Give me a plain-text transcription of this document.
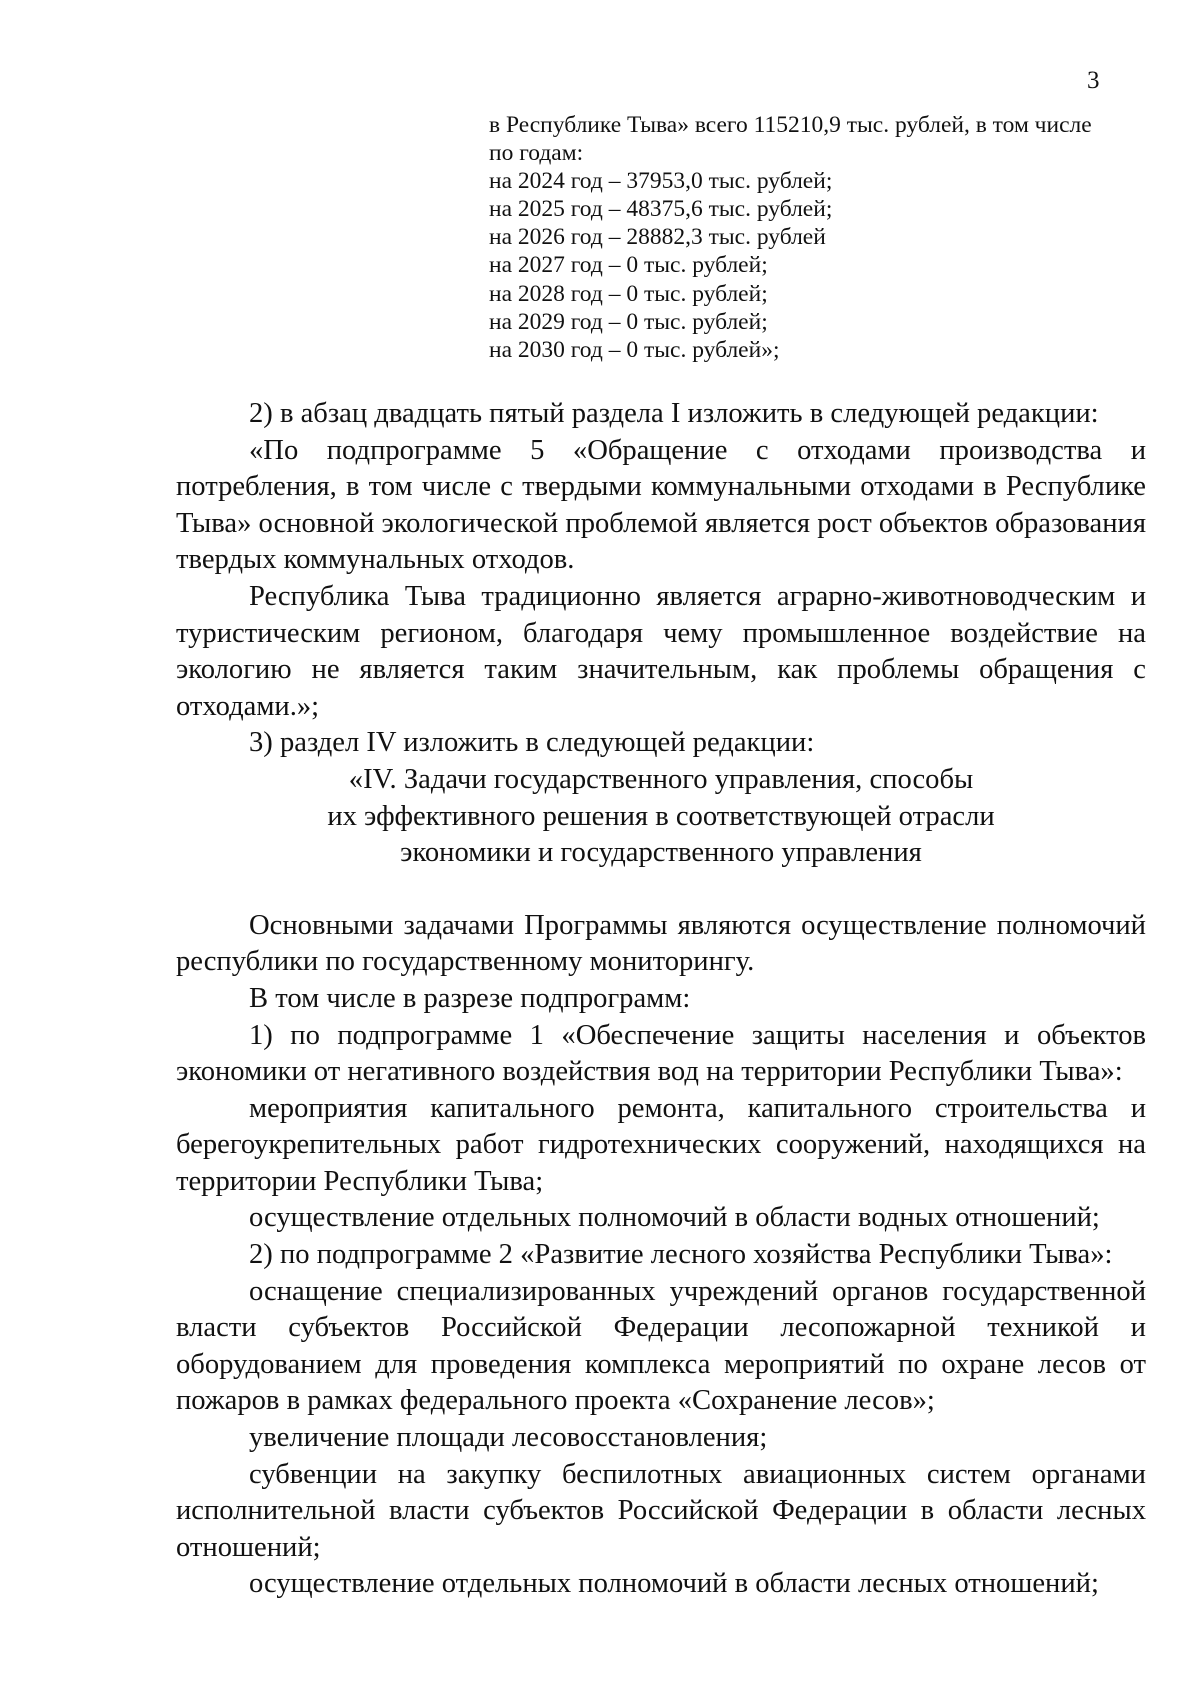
3
в Республике Тыва» всего 115210,9 тыс. рублей, в том числе
по годам:
на 2024 год – 37953,0 тыс. рублей;
на 2025 год – 48375,6 тыс. рублей;
на 2026 год – 28882,3 тыс. рублей
на 2027 год – 0 тыс. рублей;
на 2028 год – 0 тыс. рублей;
на 2029 год – 0 тыс. рублей;
на 2030 год – 0 тыс. рублей»;

2) в абзац двадцать пятый раздела I изложить в следующей редакции:

«По подпрограмме 5 «Обращение с отходами производства и потребления, в том числе с твердыми коммунальными отходами в Республике Тыва» основной экологической проблемой является рост объектов образования твердых коммунальных отходов.

Республика Тыва традиционно является аграрно-животноводческим и туристическим регионом, благодаря чему промышленное воздействие на экологию не является таким значительным, как проблемы обращения с отходами.»;

3) раздел IV изложить в следующей редакции:

«IV. Задачи государственного управления, способы
их эффективного решения в соответствующей отрасли
экономики и государственного управления

Основными задачами Программы являются осуществление полномочий республики по государственному мониторингу.

В том числе в разрезе подпрограмм:

1) по подпрограмме 1 «Обеспечение защиты населения и объектов экономики от негативного воздействия вод на территории Республики Тыва»:

мероприятия капитального ремонта, капитального строительства и берегоукрепительных работ гидротехнических сооружений, находящихся на территории Республики Тыва;

осуществление отдельных полномочий в области водных отношений;

2) по подпрограмме 2 «Развитие лесного хозяйства Республики Тыва»:

оснащение специализированных учреждений органов государственной власти субъектов Российской Федерации лесопожарной техникой и оборудованием для проведения комплекса мероприятий по охране лесов от пожаров в рамках федерального проекта «Сохранение лесов»;

увеличение площади лесовосстановления;

субвенции на закупку беспилотных авиационных систем органами исполнительной власти субъектов Российской Федерации в области лесных отношений;

осуществление отдельных полномочий в области лесных отношений;
